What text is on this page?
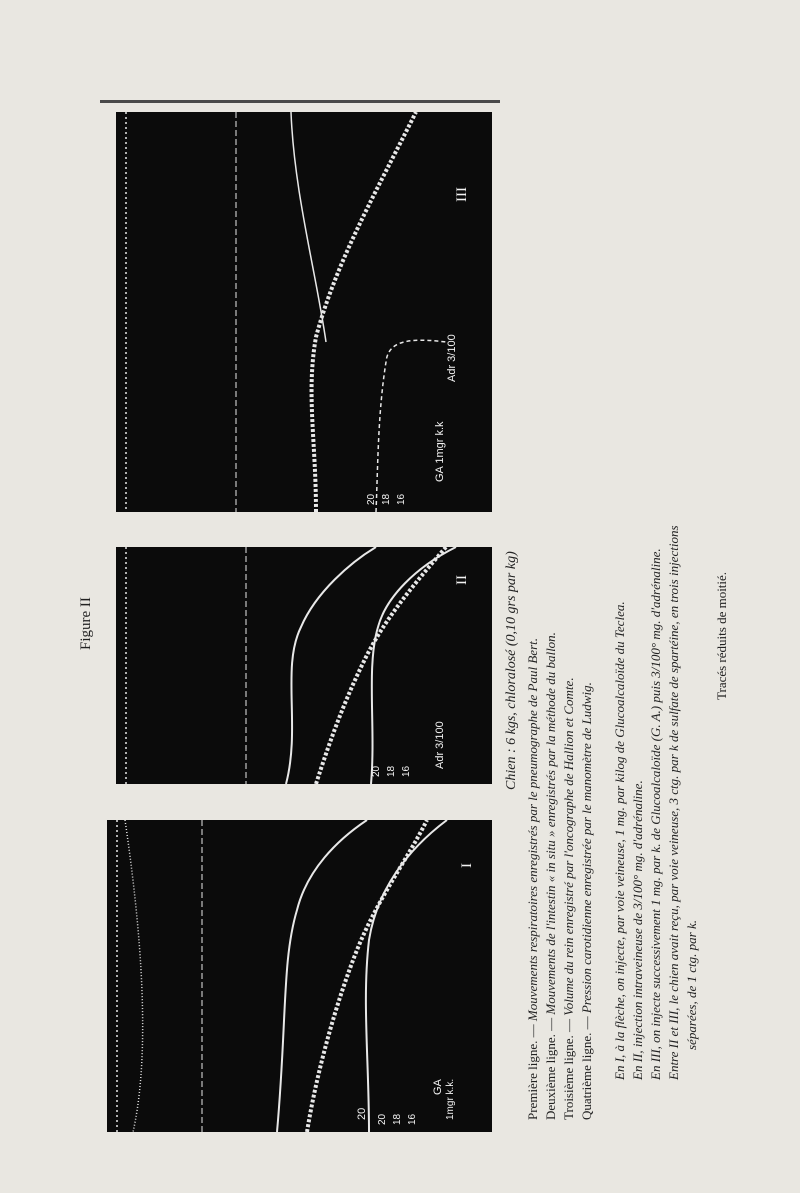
20
I
20 18 16
GA 1mgr k.k.
II
20 18 16
Adr 3/100
III
20 18 16
GA 1mgr k.k
Adr 3/100
Figure II	Chien : 6 kgs, chloralosé (0,10 grs par kg)
Première ligne. — Mouvements respiratoires enregistrés par le pneumographe de Paul Bert.
Deuxième ligne. — Mouvements de l'intestin « in situ » enregistrés par la méthode du ballon.
Troisième ligne. — Volume du rein enregistré par l'oncographe de Hallion et Comte.
Quatrième ligne. — Pression carotidienne enregistrée par le manomètre de Ludwig. En I, à la flèche, on injecte, par voie veineuse, 1 mg. par kilog de Glucoalcaloïde du Teclea. En II, injection intraveineuse de 3/100° mg. d'adrénaline. En III, on injecte successivement 1 mg. par k. de Glucoalcaloïde (G. A.) puis 3/100° mg. d'adrénaline. Entre II et III, le chien avait reçu, par voie veineuse, 3 ctg. par k de sulfate de spartéine, en trois injections séparées, de 1 ctg. par k.
Tracés réduits de moitié.
